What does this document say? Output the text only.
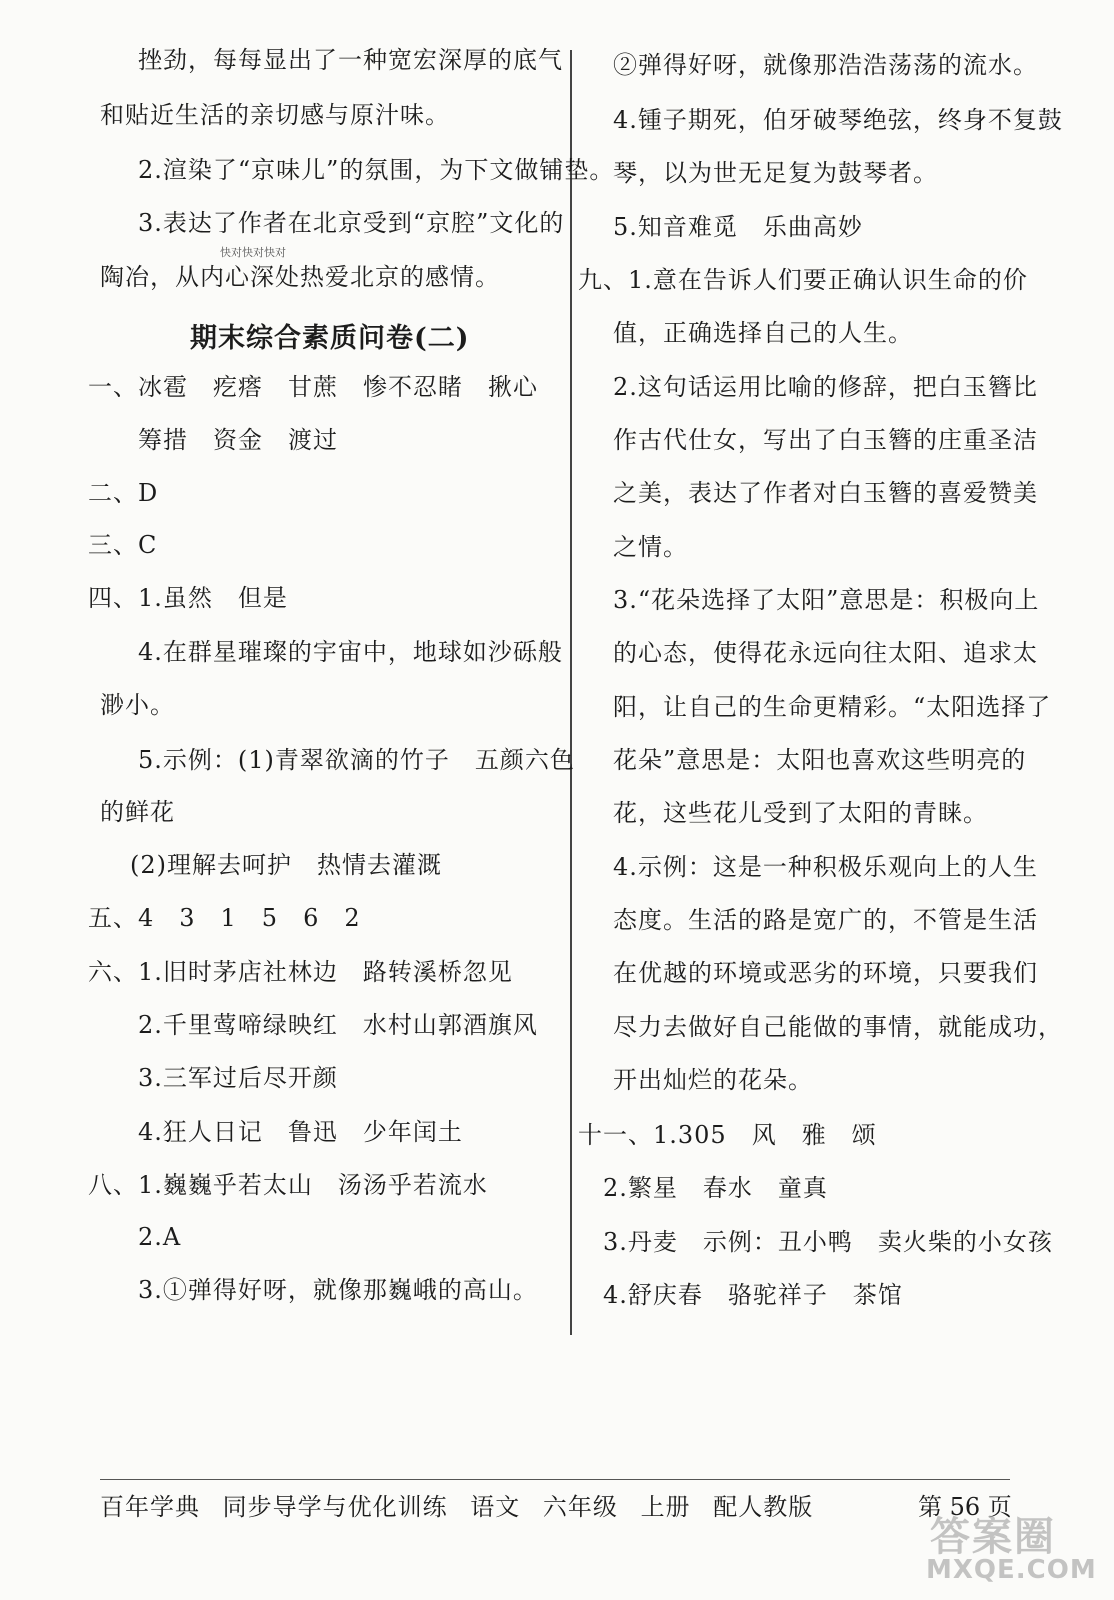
挫劲，每每显出了一种宽宏深厚的底气
和贴近生活的亲切感与原汁味。
2.渲染了“京味儿”的氛围，为下文做铺垫。
3.表达了作者在北京受到“京腔”文化的
快对快对快对
陶冶，从内心深处热爱北京的感情。
期末综合素质问卷(二)
一、冰雹　疙瘩　甘蔗　惨不忍睹　揪心
筹措　资金　渡过
二、D
三、C
四、1.虽然　但是
4.在群星璀璨的宇宙中，地球如沙砾般
渺小。
5.示例：(1)青翠欲滴的竹子　五颜六色
的鲜花
(2)理解去呵护　热情去灌溉
五、4　3　1　5　6　2
六、1.旧时茅店社林边　路转溪桥忽见
2.千里莺啼绿映红　水村山郭酒旗风
3.三军过后尽开颜
4.狂人日记　鲁迅　少年闰土
八、1.巍巍乎若太山　汤汤乎若流水
2.A
3.①弹得好呀，就像那巍峨的高山。
②弹得好呀，就像那浩浩荡荡的流水。
4.锺子期死，伯牙破琴绝弦，终身不复鼓
琴，以为世无足复为鼓琴者。
5.知音难觅　乐曲高妙
九、1.意在告诉人们要正确认识生命的价
值，正确选择自己的人生。
2.这句话运用比喻的修辞，把白玉簪比
作古代仕女，写出了白玉簪的庄重圣洁
之美，表达了作者对白玉簪的喜爱赞美
之情。
3.“花朵选择了太阳”意思是：积极向上
的心态，使得花永远向往太阳、追求太
阳，让自己的生命更精彩。“太阳选择了
花朵”意思是：太阳也喜欢这些明亮的
花，这些花儿受到了太阳的青睐。
4.示例：这是一种积极乐观向上的人生
态度。生活的路是宽广的，不管是生活
在优越的环境或恶劣的环境，只要我们
尽力去做好自己能做的事情，就能成功，
开出灿烂的花朵。
十一、1.305　风　雅　颂
2.繁星　春水　童真
3.丹麦　示例：丑小鸭　卖火柴的小女孩
4.舒庆春　骆驼祥子　茶馆
百年学典 同步导学与优化训练 语文 六年级 上册 配人教版	第 56 页
答案圈
MXQE.COM
